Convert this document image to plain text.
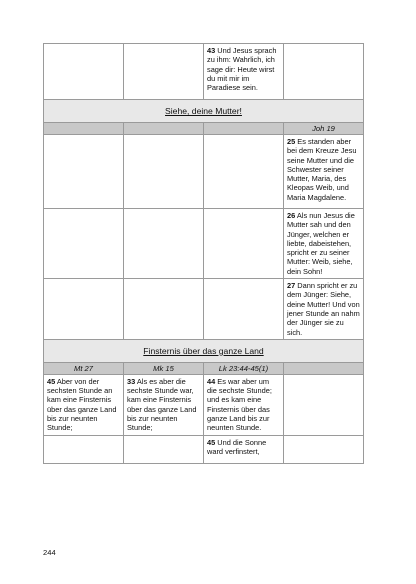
		43 Und Jesus sprach zu ihm: Wahrlich, ich sage dir: Heute wirst du mit mir im Paradiese sein.	
Siehe, deine Mutter!			
			Joh 19
			25 Es standen aber bei dem Kreuze Jesu seine Mutter und die Schwester seiner Mutter, Maria, des Kleopas Weib, und Maria Magdalene.
			26 Als nun Jesus die Mutter sah und den Jünger, welchen er liebte, dabeistehen, spricht er zu seiner Mutter: Weib, siehe, dein Sohn!
			27 Dann spricht er zu dem Jünger: Siehe, deine Mutter! Und von jener Stunde an nahm der Jünger sie zu sich.
Finsternis über das ganze Land			
Mt 27	Mk 15	Lk 23:44-45(1)	
45 Aber von der sechsten Stunde an kam eine Finsternis über das ganze Land bis zur neunten Stunde;	33 Als es aber die sechste Stunde war, kam eine Finsternis über das ganze Land bis zur neunten Stunde;	44 Es war aber um die sechste Stunde; und es kam eine Finsternis über das ganze Land bis zur neunten Stunde.	
		45 Und die Sonne ward verfinstert,	
244
